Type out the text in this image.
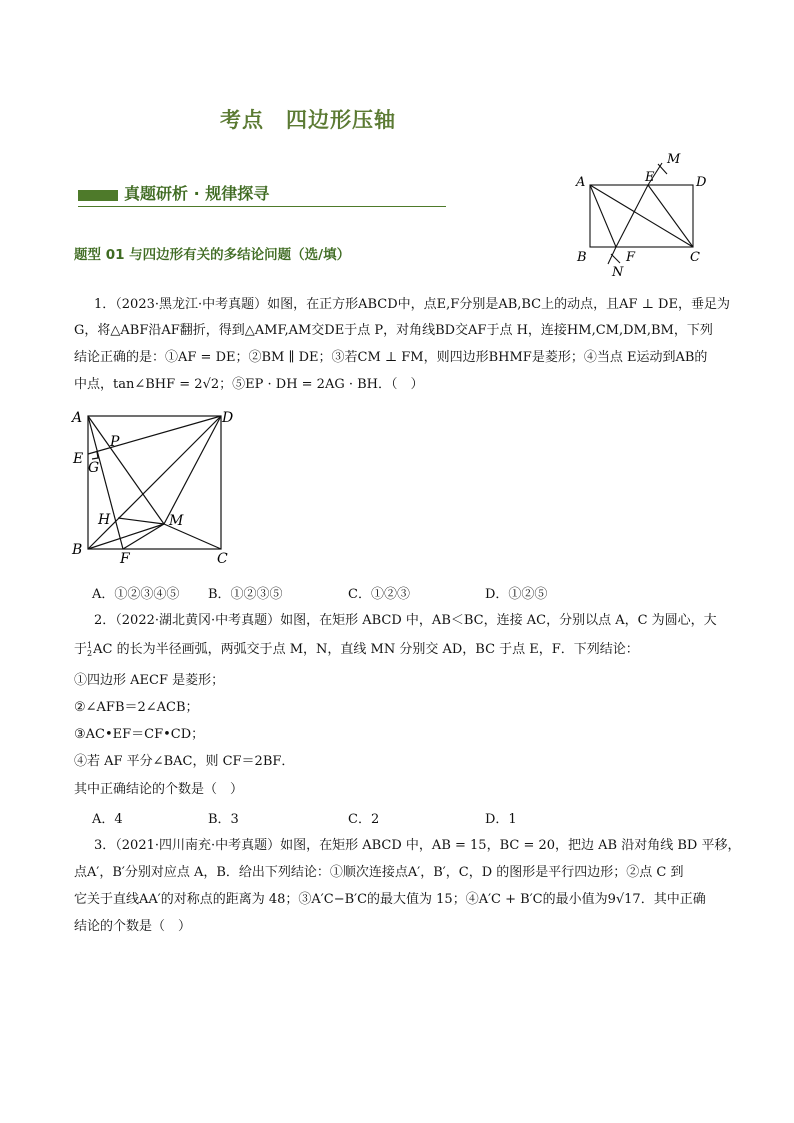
考点　四边形压轴
真题研析 · 规律探寻
题型 01 与四边形有关的多结论问题（选/填）
A
B	C
D
E
F
M
N
1．（2023·黑龙江·中考真题）如图，在正方形ABCD中，点E,F分别是AB,BC上的动点，且AF ⊥ DE，垂足为
G，将△ABF沿AF翻折，得到△AMF,AM交DE于点 P，对角线BD交AF于点 H，连接HM,CM,DM,BM，下列
结论正确的是：①AF = DE；②BM ∥ DE；③若CM ⊥ FM，则四边形BHMF是菱形；④当点 E运动到AB的
中点，tan∠BHF = 2√2；⑤EP · DH = 2AG · BH．（　）
A
B
C
D
E
F
G
H	M
P
A．①②③④⑤ B．①②③⑤	C．①②③	D．①②⑤
2．（2022·湖北黄冈·中考真题）如图，在矩形 ABCD 中，AB＜BC，连接 AC，分别以点 A，C 为圆心，大
于1
2AC 的长为半径画弧，两弧交于点 M，N，直线 MN 分别交 AD，BC 于点 E，F．下列结论：
①四边形 AECF 是菱形；
②∠AFB＝2∠ACB；
③AC•EF＝CF•CD；
④若 AF 平分∠BAC，则 CF＝2BF．
其中正确结论的个数是（　）
A．4	B．3	C．2	D．1
3．（2021·四川南充·中考真题）如图，在矩形 ABCD 中，AB = 15，BC = 20，把边 AB 沿对角线 BD 平移，
点A′，B′分别对应点 A，B．给出下列结论：①顺次连接点A′，B′，C，D 的图形是平行四边形；②点 C 到
它关于直线AA′的对称点的距离为 48；③A′C−B′C的最大值为 15；④A′C + B′C的最小值为9√17．其中正确
结论的个数是（　）
